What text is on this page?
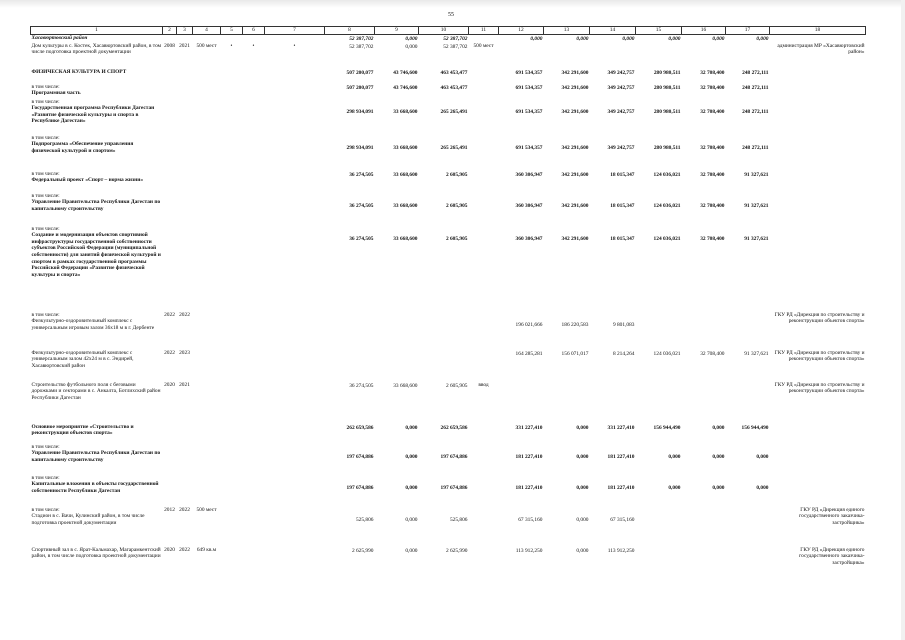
55
1	2	3	4	5	6	7	8	9	10	11	12	13	14	15	16	17	18
Хасавюртовский район							52 387,702	0,000	52 387,702		0,000	0,000	0,000	0,000	0,000	0,000	
Дом культуры в с. Костек, Хасавюртовский район, в том числе подготовка проектной документации	2008	2021	500 мест	•	•	•	52 387,702	0,000	52 387,702	500 мест							администрация МР «Хасавюртовский район»
ФИЗИЧЕСКАЯ КУЛЬТУРА И СПОРТ							507 200,077	43 746,600	463 453,477		691 534,357	342 291,600	349 242,757	280 980,511	32 708,400	248 272,111	
в том числе:
Программная часть							507 200,077	43 746,600	463 453,477		691 534,357	342 291,600	349 242,757	280 980,511	32 708,400	248 272,111	
в том числе:
Государственная программа Республики Дагестан «Развитие физической культуры и спорта в Республике Дагестан»							298 934,091	33 668,600	265 265,491		691 534,357	342 291,600	349 242,757	280 980,511	32 708,400	248 272,111	
в том числе:
Подпрограмма «Обеспечение управления физической культурой и спортом»							298 934,091	33 668,600	265 265,491		691 534,357	342 291,600	349 242,757	280 980,511	32 708,400	248 272,111	
в том числе:
Федеральный проект «Спорт – норма жизни»							36 274,505	33 668,600	2 605,905		360 306,947	342 291,600	18 015,347	124 036,021	32 708,400	91 327,621	
в том числе:
Управление Правительства Республики Дагестан по капитальному строительству							36 274,505	33 668,600	2 605,905		360 306,947	342 291,600	18 015,347	124 036,021	32 708,400	91 327,621	
в том числе:
Создание и модернизация объектов спортивной инфраструктуры государственной собственности субъектов Российской Федерации (муниципальной собственности) для занятий физической культурой и спортом в рамках государственной программы Российской Федерации «Развитие физической культуры и спорта»							36 274,505	33 668,600	2 605,905		360 306,947	342 291,600	18 015,347	124 036,021	32 708,400	91 327,621	
в том числе:
Физкультурно-оздоровительный комплекс с универсальным игровым залом 36х18 м в г. Дербенте	2022	2022									196 021,666	186 220,583	9 801,083				ГКУ РД «Дирекция по строительству и реконструкции объектов спорта»
Физкультурно-оздоровительный комплекс с универсальным залом 42х24 м в с. Эндирей, Хасавюртовский район	2022	2023									164 285,281	156 071,017	8 214,264	124 036,021	32 708,400	91 327,621	ГКУ РД «Дирекция по строительству и реконструкции объектов спорта»
Строительство футбольного поля с беговыми дорожками и секторами в с. Анкалта, Ботлихский район Республики Дагестан	2020	2021					36 274,505	33 668,600	2 605,905	ввод							ГКУ РД «Дирекция по строительству и реконструкции объектов спорта»
Основное мероприятие «Строительство и реконструкция объектов спорта»							262 659,586	0,000	262 659,586		331 227,410	0,000	331 227,410	156 944,490	0,000	156 944,490	
в том числе:
Управление Правительства Республики Дагестан по капитальному строительству							197 674,886	0,000	197 674,886		181 227,410	0,000	181 227,410	0,000	0,000	0,000	
в том числе:
Капитальные вложения в объекты государственной собственности Республики Дагестан							197 674,886	0,000	197 674,886		181 227,410	0,000	181 227,410	0,000	0,000	0,000	
в том числе:
Стадион в с. Вачи, Кулинский район, в том числе подготовка проектной документации	2012	2022	500 мест				525,806	0,000	525,806		67 315,160	0,000	67 315,160				ГКУ РД «Дирекция единого государственного заказчика-застройщика»
Спортивный зал в с. Ярат-Кальмахар, Магарамкентский район, в том числе подготовка проектной документации	2020	2022	649 кв.м				2 625,990	0,000	2 625,990		113 912,250	0,000	113 912,250				ГКУ РД «Дирекция единого государственного заказчика-застройщика»
